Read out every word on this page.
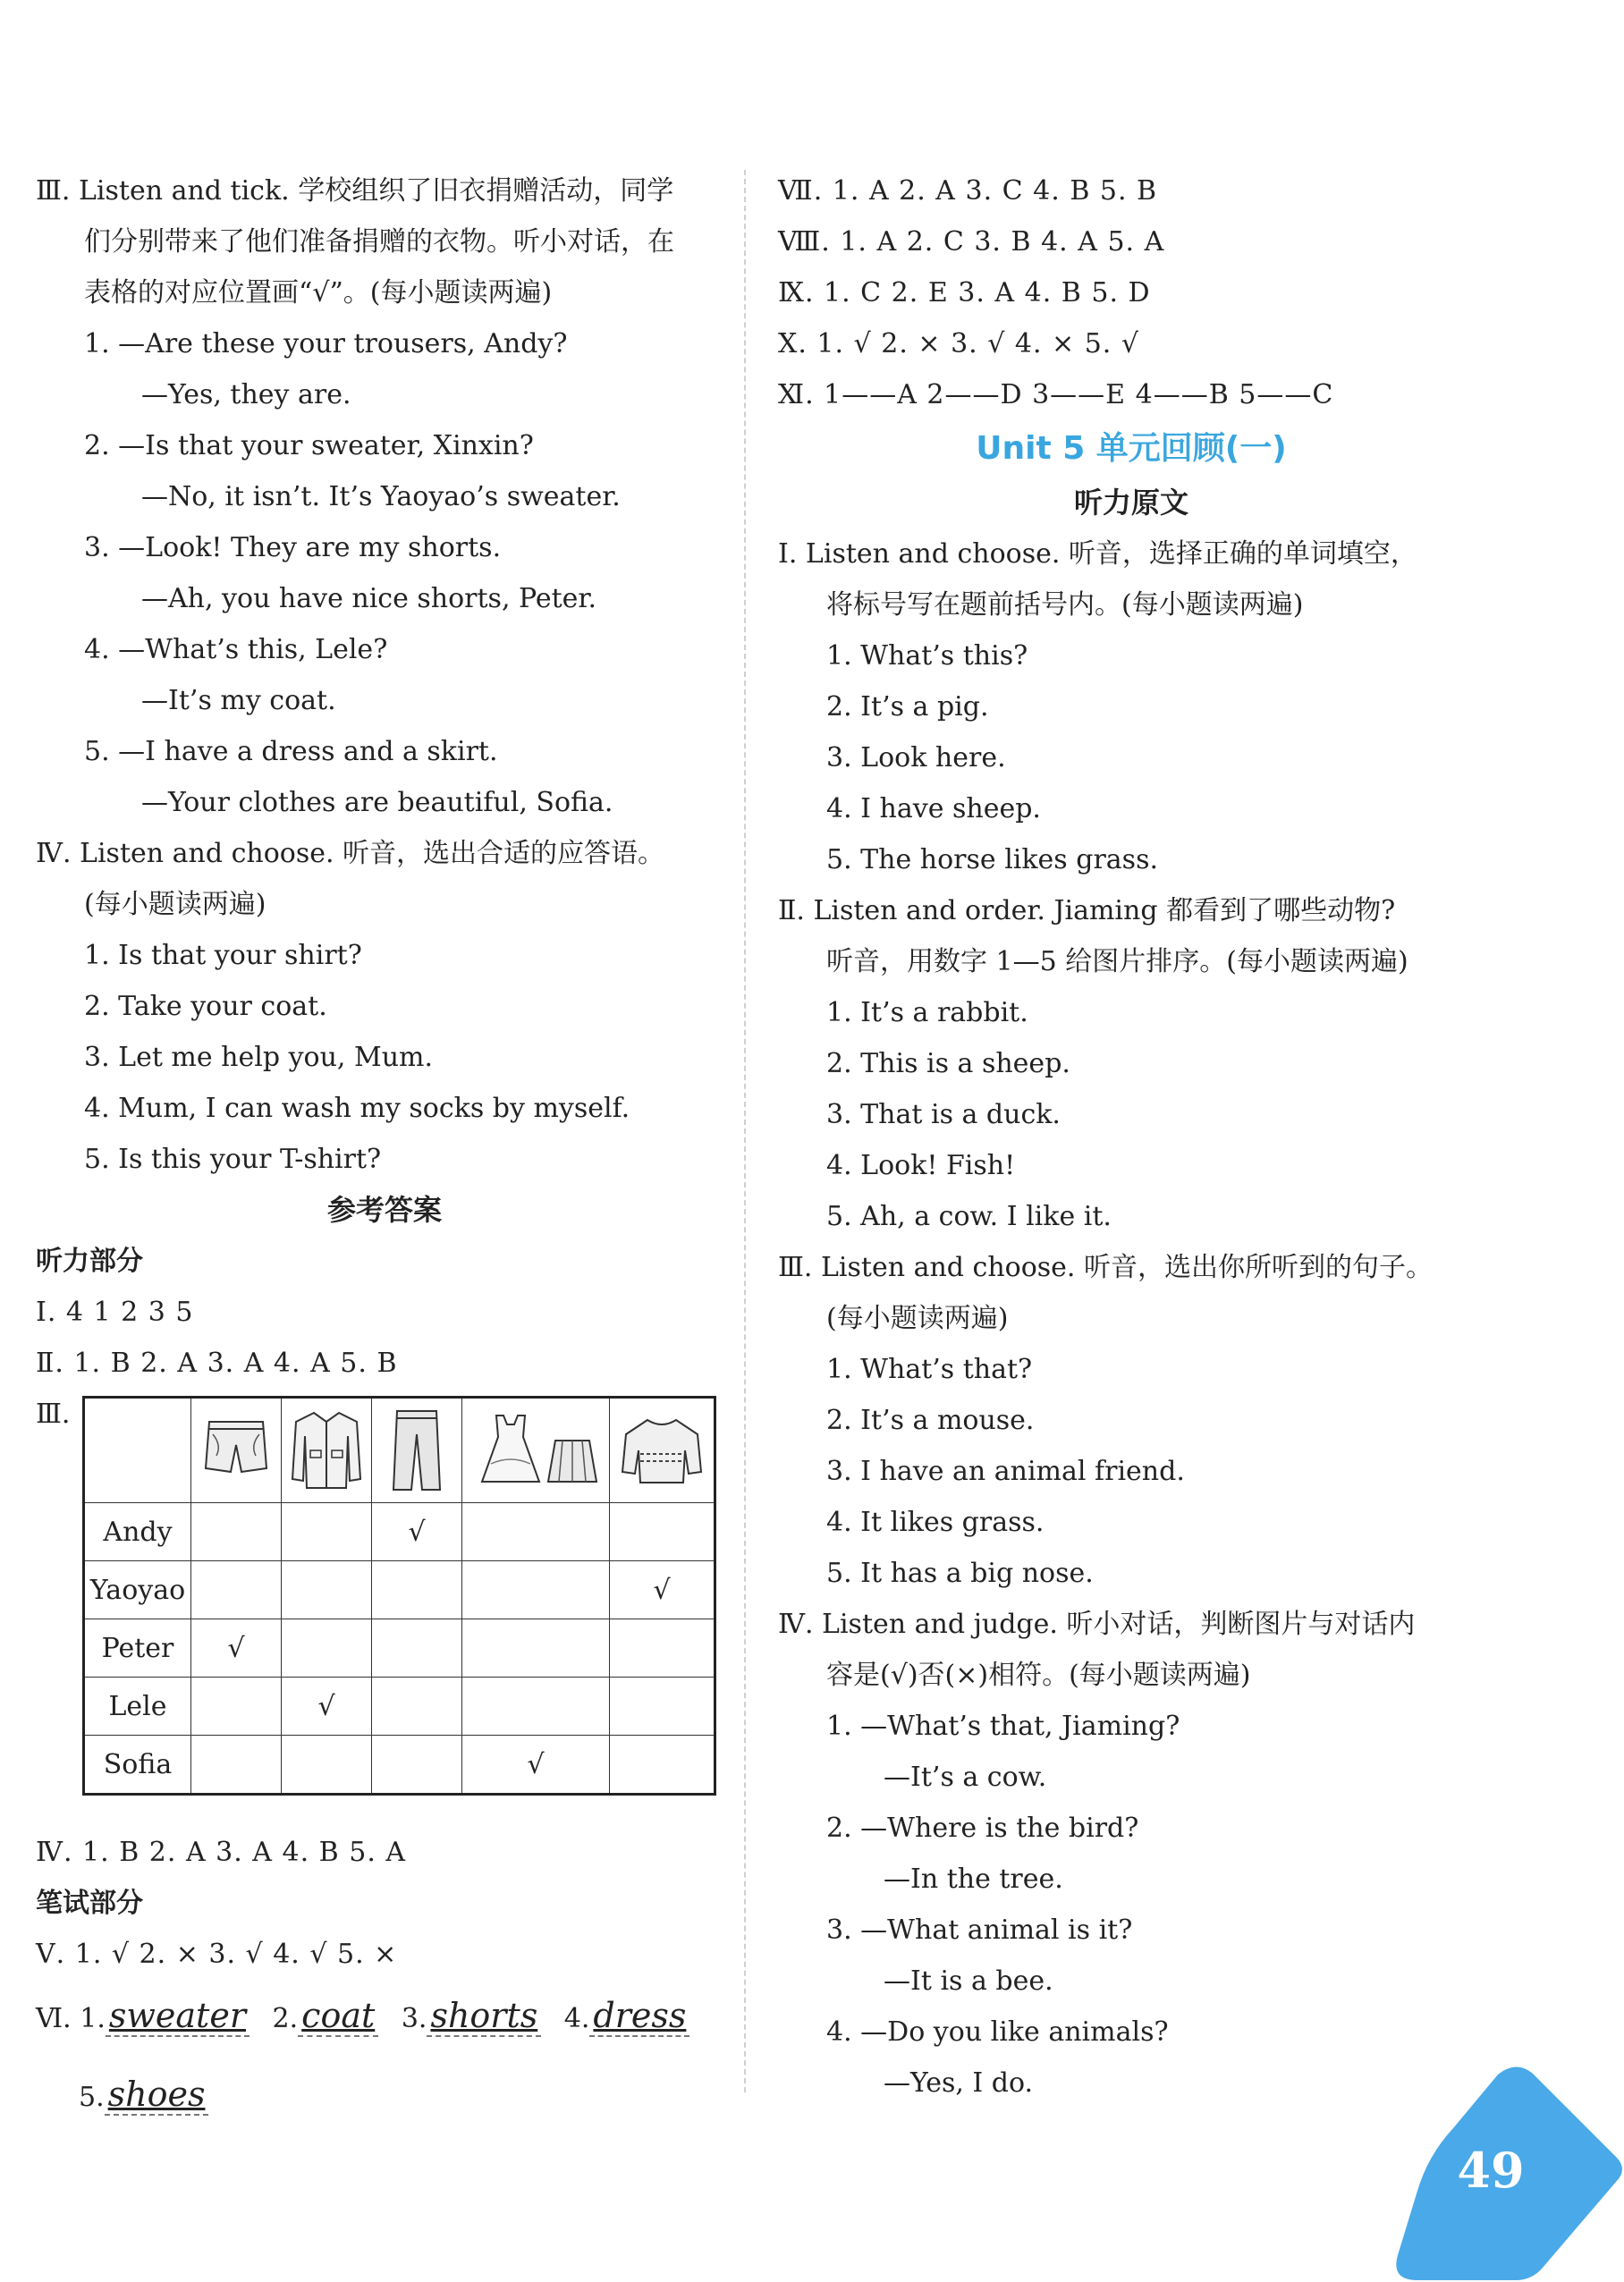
Ⅲ. Listen and tick. 学校组织了旧衣捐赠活动，同学
们分别带来了他们准备捐赠的衣物。听小对话，在
表格的对应位置画“√”。(每小题读两遍)
1. —Are these your trousers, Andy?
—Yes, they are.
2. —Is that your sweater, Xinxin?
—No, it isn’t. It’s Yaoyao’s sweater.
3. —Look! They are my shorts.
—Ah, you have nice shorts, Peter.
4. —What’s this, Lele?
—It’s my coat.
5. —I have a dress and a skirt.
—Your clothes are beautiful, Sofia.
Ⅳ. Listen and choose. 听音，选出合适的应答语。
(每小题读两遍)
1. Is that your shirt?
2. Take your coat.
3. Let me help you, Mum.
4. Mum, I can wash my socks by myself.
5. Is this your T-shirt?
参考答案
听力部分
Ⅰ. 4 1 2 3 5
Ⅱ. 1. B 2. A 3. A 4. A 5. B
Ⅲ.

Andy			√		
Yaoyao					√
Peter	√				
Lele		√			
Sofia				√	
Ⅳ. 1. B 2. A 3. A 4. B 5. A
笔试部分
Ⅴ. 1. √ 2. × 3. √ 4. √ 5. ×
Ⅵ. 1. sweater 2. coat 3. shorts 4. dress
5. shoes
Ⅶ. 1. A 2. A 3. C 4. B 5. B
Ⅷ. 1. A 2. C 3. B 4. A 5. A
Ⅸ. 1. C 2. E 3. A 4. B 5. D
Ⅹ. 1. √ 2. × 3. √ 4. × 5. √
Ⅺ. 1——A 2——D 3——E 4——B 5——C
Unit 5 单元回顾(一)
听力原文
Ⅰ. Listen and choose. 听音，选择正确的单词填空，
将标号写在题前括号内。(每小题读两遍)
1. What’s this?
2. It’s a pig.
3. Look here.
4. I have sheep.
5. The horse likes grass.
Ⅱ. Listen and order. Jiaming 都看到了哪些动物?
听音，用数字 1—5 给图片排序。(每小题读两遍)
1. It’s a rabbit.
2. This is a sheep.
3. That is a duck.
4. Look! Fish!
5. Ah, a cow. I like it.
Ⅲ. Listen and choose. 听音，选出你所听到的句子。
(每小题读两遍)
1. What’s that?
2. It’s a mouse.
3. I have an animal friend.
4. It likes grass.
5. It has a big nose.
Ⅳ. Listen and judge. 听小对话，判断图片与对话内
容是(√)否(×)相符。(每小题读两遍)
1. —What’s that, Jiaming?
—It’s a cow.
2. —Where is the bird?
—In the tree.
3. —What animal is it?
—It is a bee.
4. —Do you like animals?
—Yes, I do.
49
